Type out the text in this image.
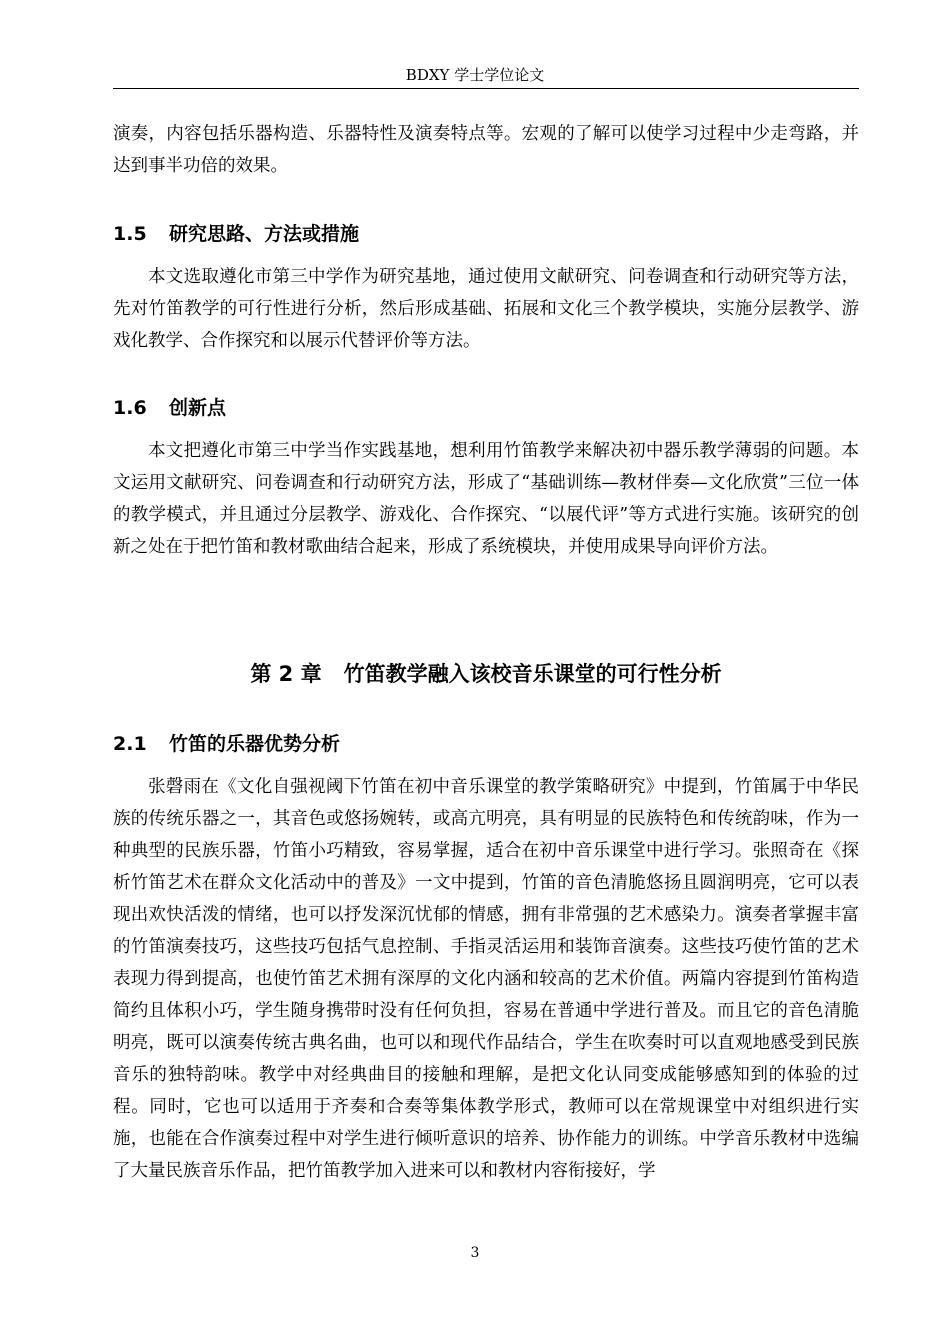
BDXY 学士学位论文

演奏，内容包括乐器构造、乐器特性及演奏特点等。宏观的了解可以使学习过程中少走弯路，并达到事半功倍的效果。

1.5 研究思路、方法或措施

本文选取遵化市第三中学作为研究基地，通过使用文献研究、问卷调查和行动研究等方法，先对竹笛教学的可行性进行分析，然后形成基础、拓展和文化三个教学模块，实施分层教学、游戏化教学、合作探究和以展示代替评价等方法。

1.6 创新点

本文把遵化市第三中学当作实践基地，想利用竹笛教学来解决初中器乐教学薄弱的问题。本文运用文献研究、问卷调查和行动研究方法，形成了“基础训练—教材伴奏—文化欣赏”三位一体的教学模式，并且通过分层教学、游戏化、合作探究、“以展代评”等方式进行实施。该研究的创新之处在于把竹笛和教材歌曲结合起来，形成了系统模块，并使用成果导向评价方法。

第 2 章 竹笛教学融入该校音乐课堂的可行性分析
2.1 竹笛的乐器优势分析

张磬雨在《文化自强视阈下竹笛在初中音乐课堂的教学策略研究》中提到，竹笛属于中华民族的传统乐器之一，其音色或悠扬婉转，或高亢明亮，具有明显的民族特色和传统韵味，作为一种典型的民族乐器，竹笛小巧精致，容易掌握，适合在初中音乐课堂中进行学习。张照奇在《探析竹笛艺术在群众文化活动中的普及》一文中提到，竹笛的音色清脆悠扬且圆润明亮，它可以表现出欢快活泼的情绪，也可以抒发深沉忧郁的情感，拥有非常强的艺术感染力。演奏者掌握丰富的竹笛演奏技巧，这些技巧包括气息控制、手指灵活运用和装饰音演奏。这些技巧使竹笛的艺术表现力得到提高，也使竹笛艺术拥有深厚的文化内涵和较高的艺术价值。两篇内容提到竹笛构造简约且体积小巧，学生随身携带时没有任何负担，容易在普通中学进行普及。而且它的音色清脆明亮，既可以演奏传统古典名曲，也可以和现代作品结合，学生在吹奏时可以直观地感受到民族音乐的独特韵味。教学中对经典曲目的接触和理解，是把文化认同变成能够感知到的体验的过程。同时，它也可以适用于齐奏和合奏等集体教学形式，教师可以在常规课堂中对组织进行实施，也能在合作演奏过程中对学生进行倾听意识的培养、协作能力的训练。中学音乐教材中选编了大量民族音乐作品，把竹笛教学加入进来可以和教材内容衔接好，学

3
